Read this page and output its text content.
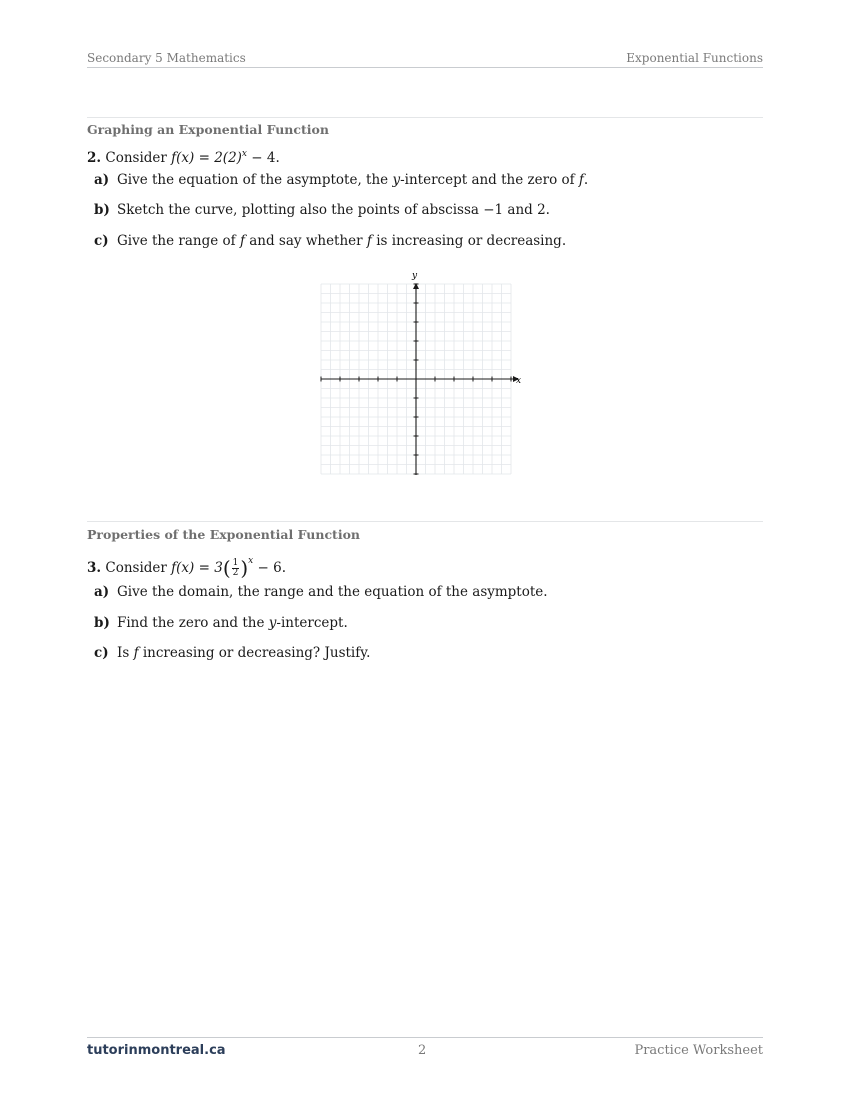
Secondary 5 Mathematics	Exponential Functions
Graphing an Exponential Function
2. Consider $f(x) = 2(2)^x - 4$.
a) Give the equation of the asymptote, the y-intercept and the zero of f.
b) Sketch the curve, plotting also the points of abscissa −1 and 2.
c) Give the range of f and say whether f is increasing or decreasing.
x
y
Properties of the Exponential Function
3. Consider $f(x) = 3( \frac{1}{2} )^x - 6$.
a) Give the domain, the range and the equation of the asymptote.
b) Find the zero and the y-intercept.
c) Is f increasing or decreasing? Justify.
tutorinmontreal.ca	2	Practice Worksheet
